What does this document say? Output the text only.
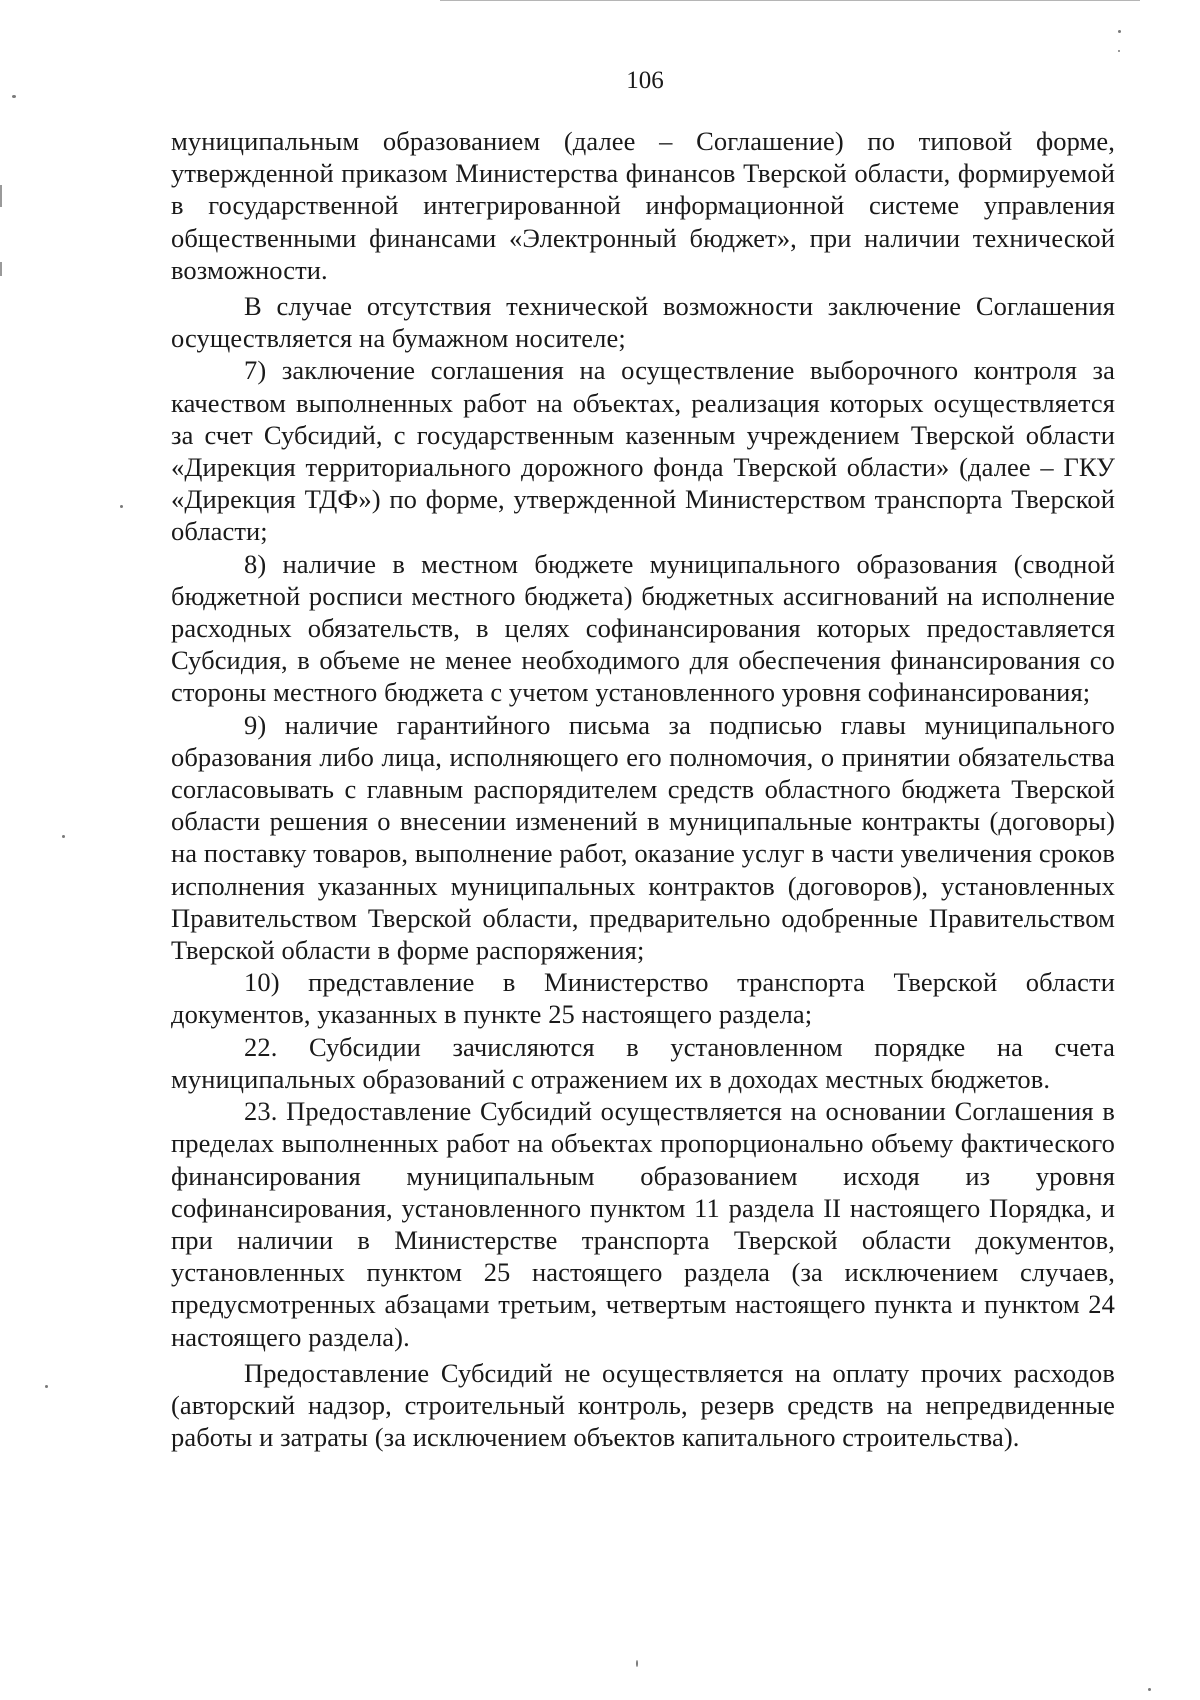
106

муниципальным образованием (далее – Соглашение) по типовой форме, утвержденной приказом Министерства финансов Тверской области, формируемой в государственной интегрированной информационной системе управления общественными финансами «Электронный бюджет», при наличии технической возможности.

В случае отсутствия технической возможности заключение Соглашения осуществляется на бумажном носителе;

7) заключение соглашения на осуществление выборочного контроля за качеством выполненных работ на объектах, реализация которых осуществляется за счет Субсидий, с государственным казенным учреждением Тверской области «Дирекция территориального дорожного фонда Тверской области» (далее – ГКУ «Дирекция ТДФ») по форме, утвержденной Министерством транспорта Тверской области;

8) наличие в местном бюджете муниципального образования (сводной бюджетной росписи местного бюджета) бюджетных ассигнований на исполнение расходных обязательств, в целях софинансирования которых предоставляется Субсидия, в объеме не менее необходимого для обеспечения финансирования со стороны местного бюджета с учетом установленного уровня софинансирования;

9) наличие гарантийного письма за подписью главы муниципального образования либо лица, исполняющего его полномочия, о принятии обязательства согласовывать с главным распорядителем средств областного бюджета Тверской области решения о внесении изменений в муниципальные контракты (договоры) на поставку товаров, выполнение работ, оказание услуг в части увеличения сроков исполнения указанных муниципальных контрактов (договоров), установленных Правительством Тверской области, предварительно одобренные Правительством Тверской области в форме распоряжения;

10) представление в Министерство транспорта Тверской области документов, указанных в пункте 25 настоящего раздела;

22. Субсидии зачисляются в установленном порядке на счета муниципальных образований с отражением их в доходах местных бюджетов.

23. Предоставление Субсидий осуществляется на основании Соглашения в пределах выполненных работ на объектах пропорционально объему фактического финансирования муниципальным образованием исходя из уровня софинансирования, установленного пунктом 11 раздела II настоящего Порядка, и при наличии в Министерстве транспорта Тверской области документов, установленных пунктом 25 настоящего раздела (за исключением случаев, предусмотренных абзацами третьим, четвертым настоящего пункта и пунктом 24 настоящего раздела).

Предоставление Субсидий не осуществляется на оплату прочих расходов (авторский надзор, строительный контроль, резерв средств на непредвиденные работы и затраты (за исключением объектов капитального строительства).
